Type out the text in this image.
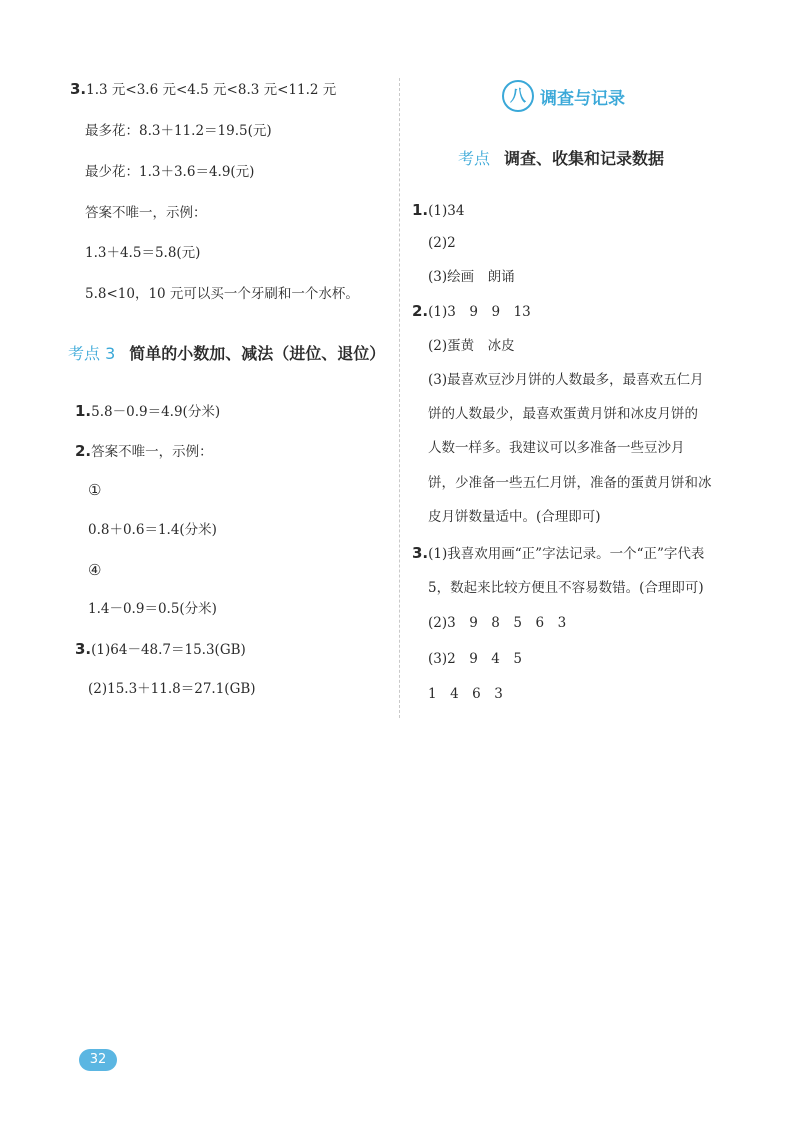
3.1.3 元<3.6 元<4.5 元<8.3 元<11.2 元
最多花：8.3＋11.2＝19.5(元)
最少花：1.3＋3.6＝4.9(元)
答案不唯一，示例：
1.3＋4.5＝5.8(元)
5.8<10，10 元可以买一个牙刷和一个水杯。
考点 3 简单的小数加、减法（进位、退位）
1.5.8－0.9＝4.9(分米)
2.答案不唯一，示例：
①
0.8＋0.6＝1.4(分米)
④
1.4－0.9＝0.5(分米)
3.(1)64－48.7＝15.3(GB)
(2)15.3＋11.8＝27.1(GB)
八 调查与记录
考点 调查、收集和记录数据
1.(1)34
(2)2
(3)绘画　朗诵
2.(1)3　9　9　13
(2)蛋黄　冰皮
(3)最喜欢豆沙月饼的人数最多，最喜欢五仁月
饼的人数最少，最喜欢蛋黄月饼和冰皮月饼的
人数一样多。我建议可以多准备一些豆沙月
饼，少准备一些五仁月饼，准备的蛋黄月饼和冰
皮月饼数量适中。(合理即可)
3.(1)我喜欢用画“正”字法记录。一个“正”字代表
5，数起来比较方便且不容易数错。(合理即可)
(2)3　9　8　5　6　3
(3)2　9　4　5
1　4　6　3
32
